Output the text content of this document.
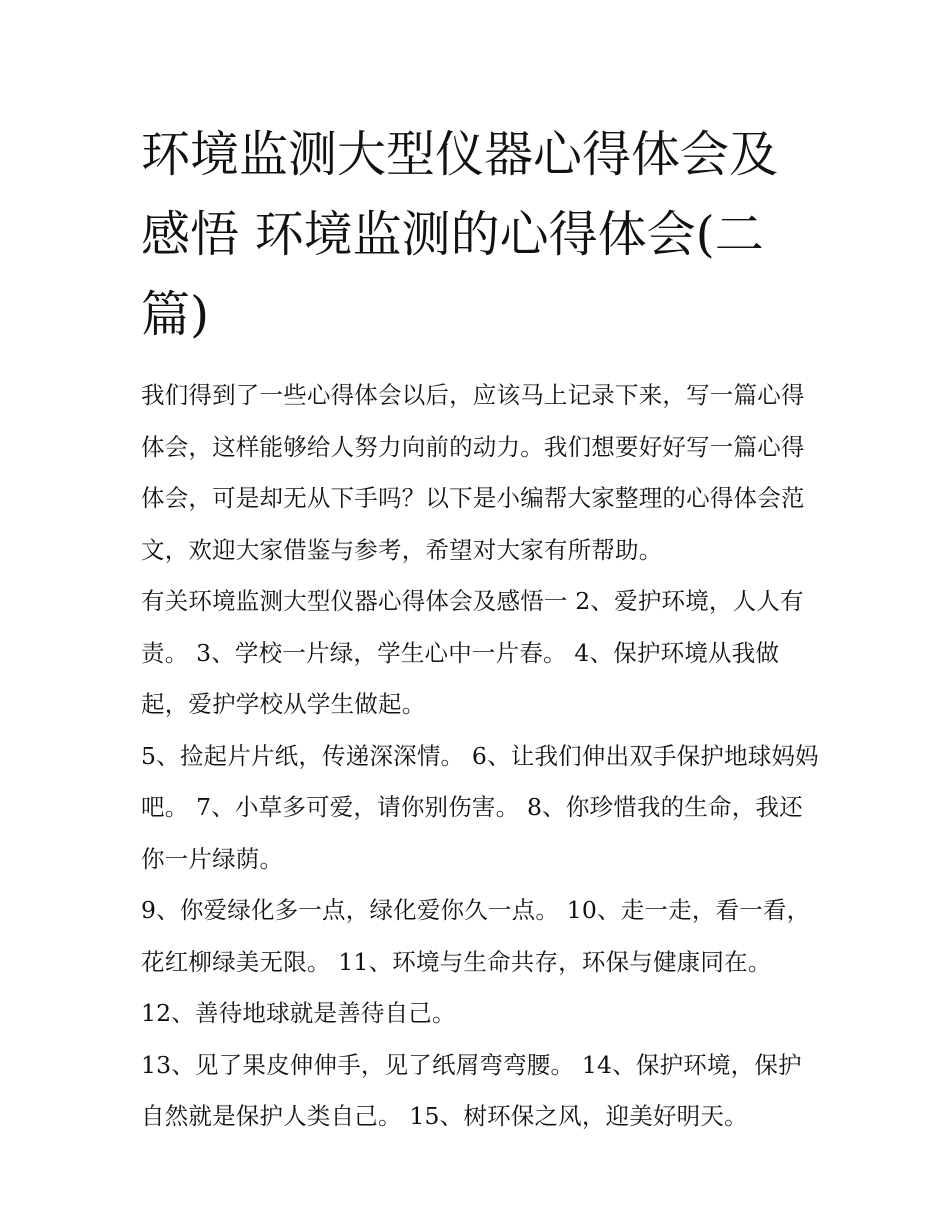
环境监测大型仪器心得体会及感悟 环境监测的心得体会(二篇)

我们得到了一些心得体会以后，应该马上记录下来，写一篇心得体会，这样能够给人努力向前的动力。我们想要好好写一篇心得体会，可是却无从下手吗？以下是小编帮大家整理的心得体会范文，欢迎大家借鉴与参考，希望对大家有所帮助。

有关环境监测大型仪器心得体会及感悟一 2、爱护环境，人人有责。 3、学校一片绿，学生心中一片春。 4、保护环境从我做起，爱护学校从学生做起。

5、捡起片片纸，传递深深情。 6、让我们伸出双手保护地球妈妈吧。 7、小草多可爱，请你别伤害。 8、你珍惜我的生命，我还你一片绿荫。

9、你爱绿化多一点，绿化爱你久一点。 10、走一走，看一看，花红柳绿美无限。 11、环境与生命共存，环保与健康同在。 12、善待地球就是善待自己。

13、见了果皮伸伸手，见了纸屑弯弯腰。 14、保护环境，保护自然就是保护人类自己。 15、树环保之风，迎美好明天。
